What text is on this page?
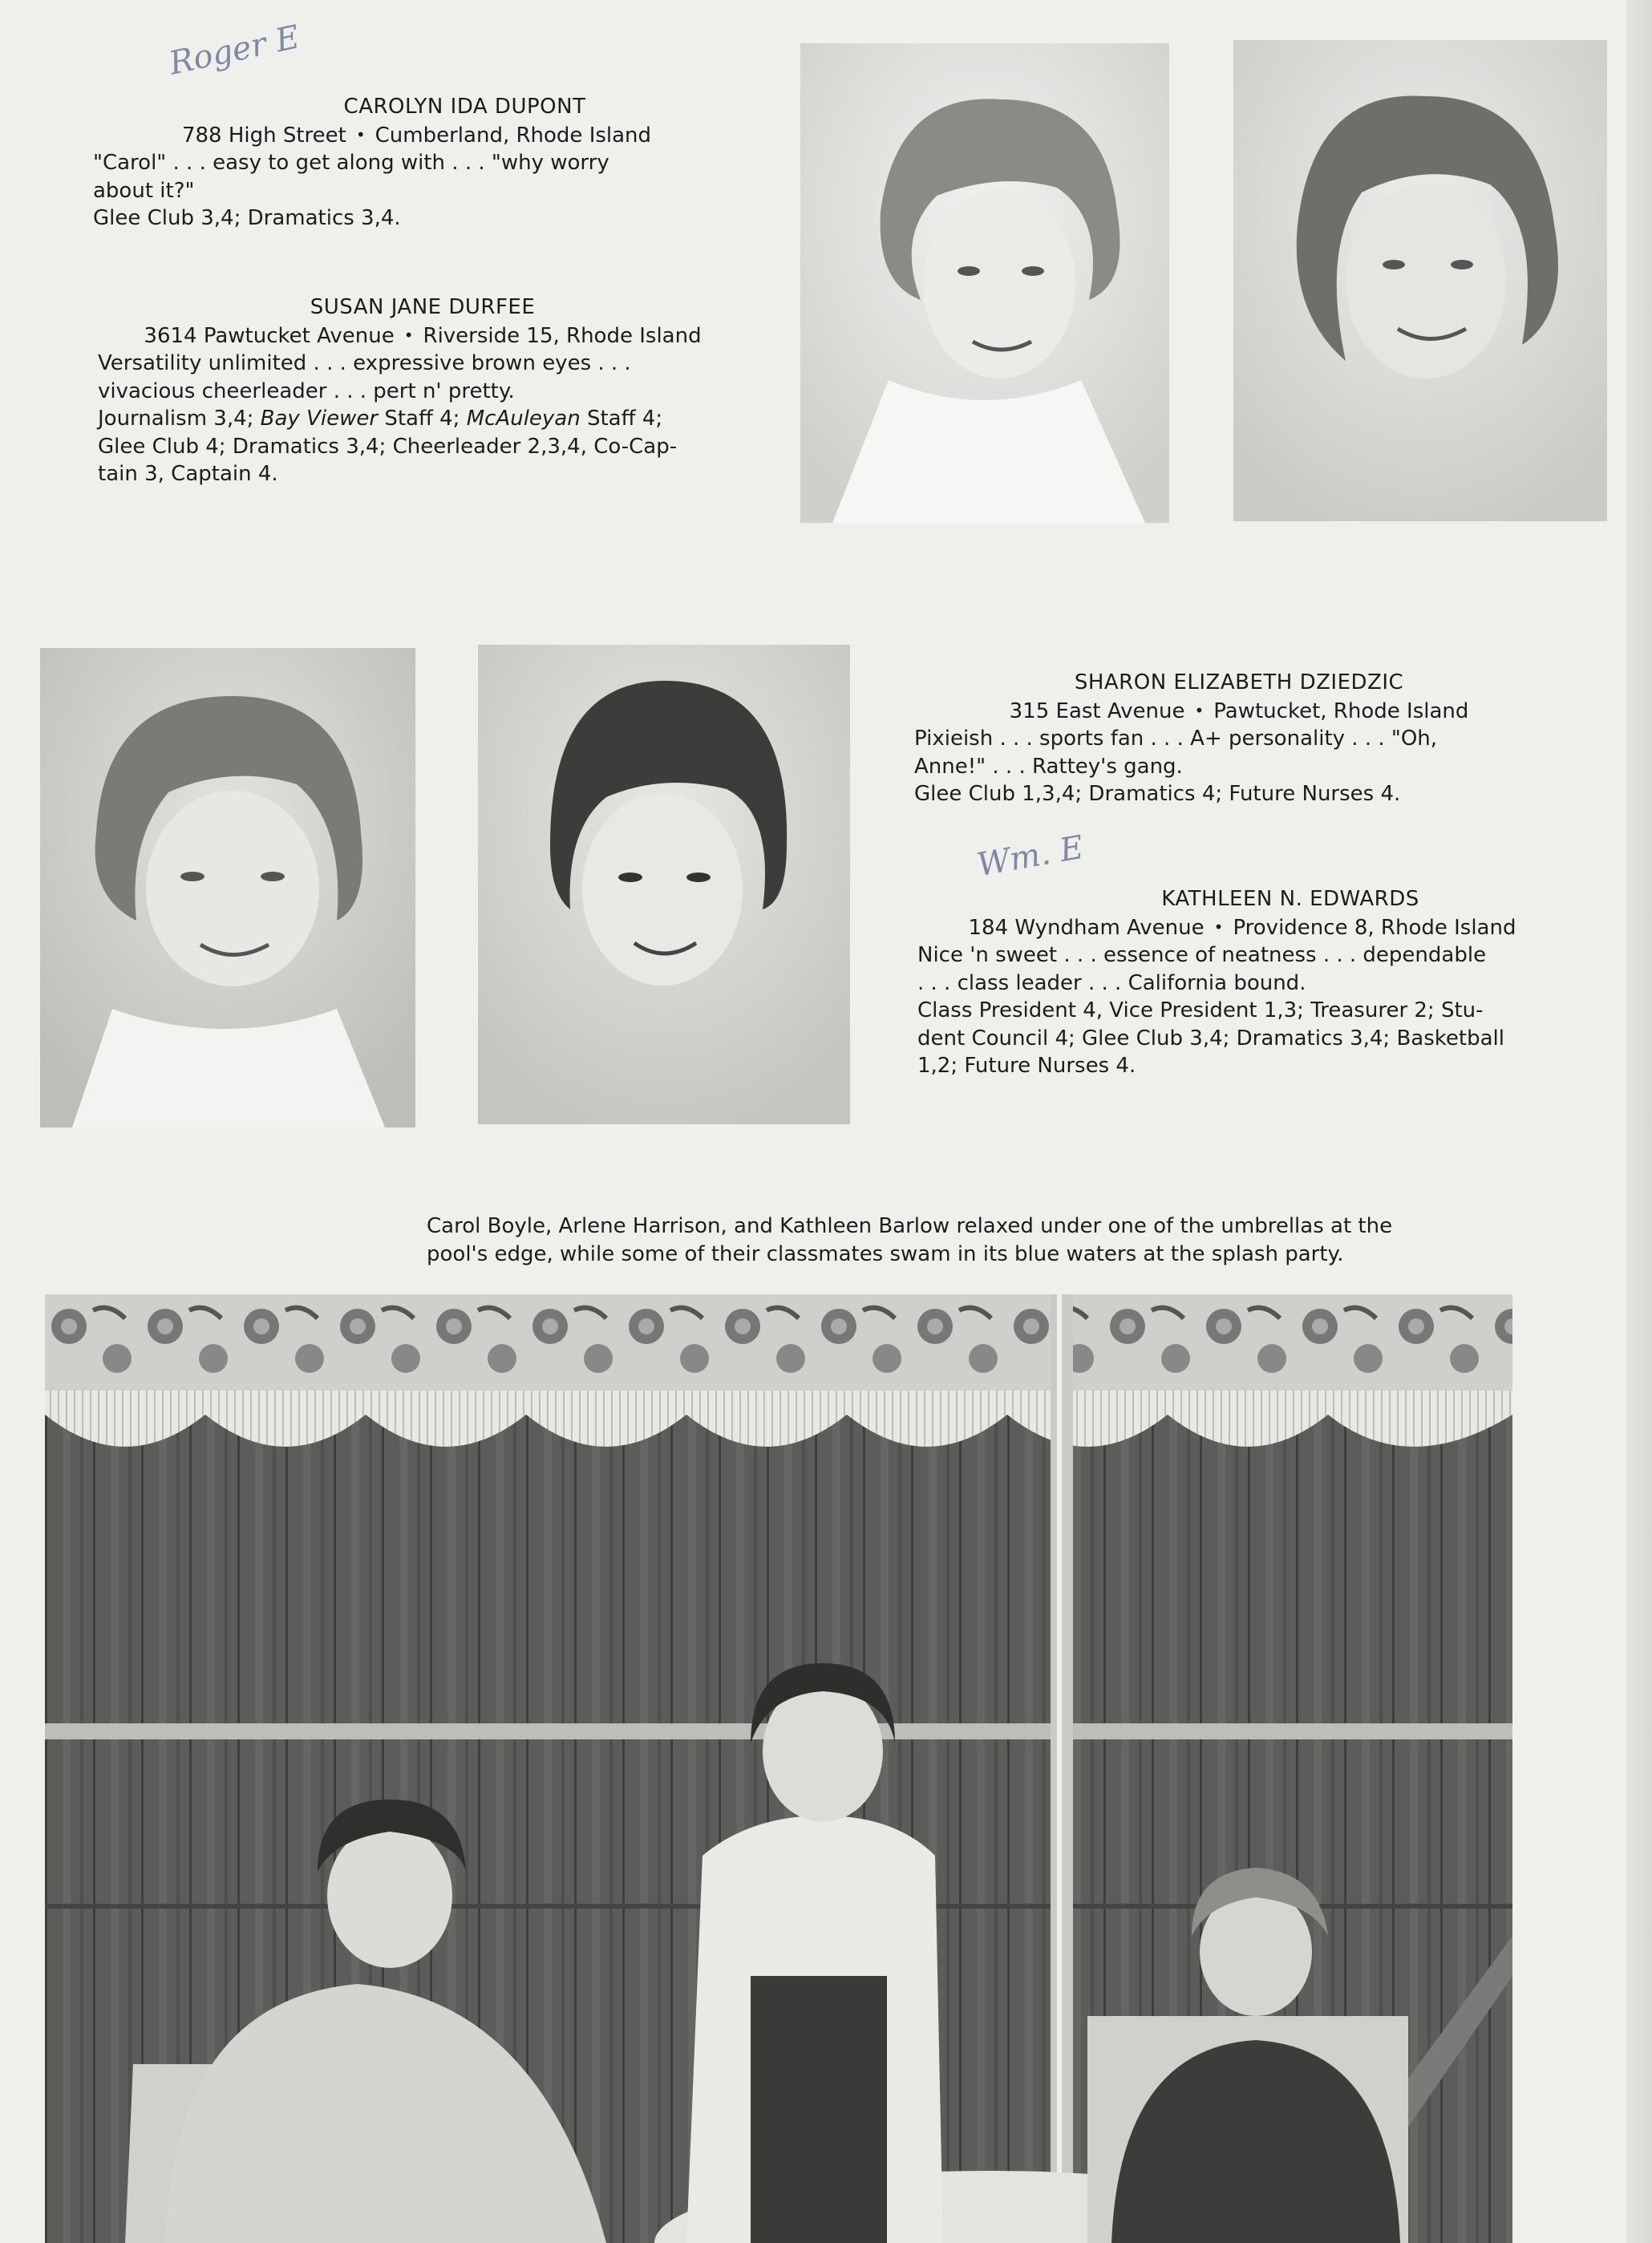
Roger E
Wm. E
CAROLYN IDA DUPONT
788 High Street • Cumberland, Rhode Island
"Carol" . . . easy to get along with . . . "why worry
about it?"
Glee Club 3,4; Dramatics 3,4.
SUSAN JANE DURFEE
3614 Pawtucket Avenue • Riverside 15, Rhode Island
Versatility unlimited . . . expressive brown eyes . . .
vivacious cheerleader . . . pert n' pretty.
Journalism 3,4; Bay Viewer Staff 4; McAuleyan Staff 4;
Glee Club 4; Dramatics 3,4; Cheerleader 2,3,4, Co-Cap-
tain 3, Captain 4.
SHARON ELIZABETH DZIEDZIC
315 East Avenue • Pawtucket, Rhode Island
Pixieish . . . sports fan . . . A+ personality . . . "Oh,
Anne!" . . . Rattey's gang.
Glee Club 1,3,4; Dramatics 4; Future Nurses 4.
KATHLEEN N. EDWARDS
184 Wyndham Avenue • Providence 8, Rhode Island
Nice 'n sweet . . . essence of neatness . . . dependable
. . . class leader . . . California bound.
Class President 4, Vice President 1,3; Treasurer 2; Stu-
dent Council 4; Glee Club 3,4; Dramatics 3,4; Basketball
1,2; Future Nurses 4.
Carol Boyle, Arlene Harrison, and Kathleen Barlow relaxed under one of the umbrellas at the
pool's edge, while some of their classmates swam in its blue waters at the splash party.
